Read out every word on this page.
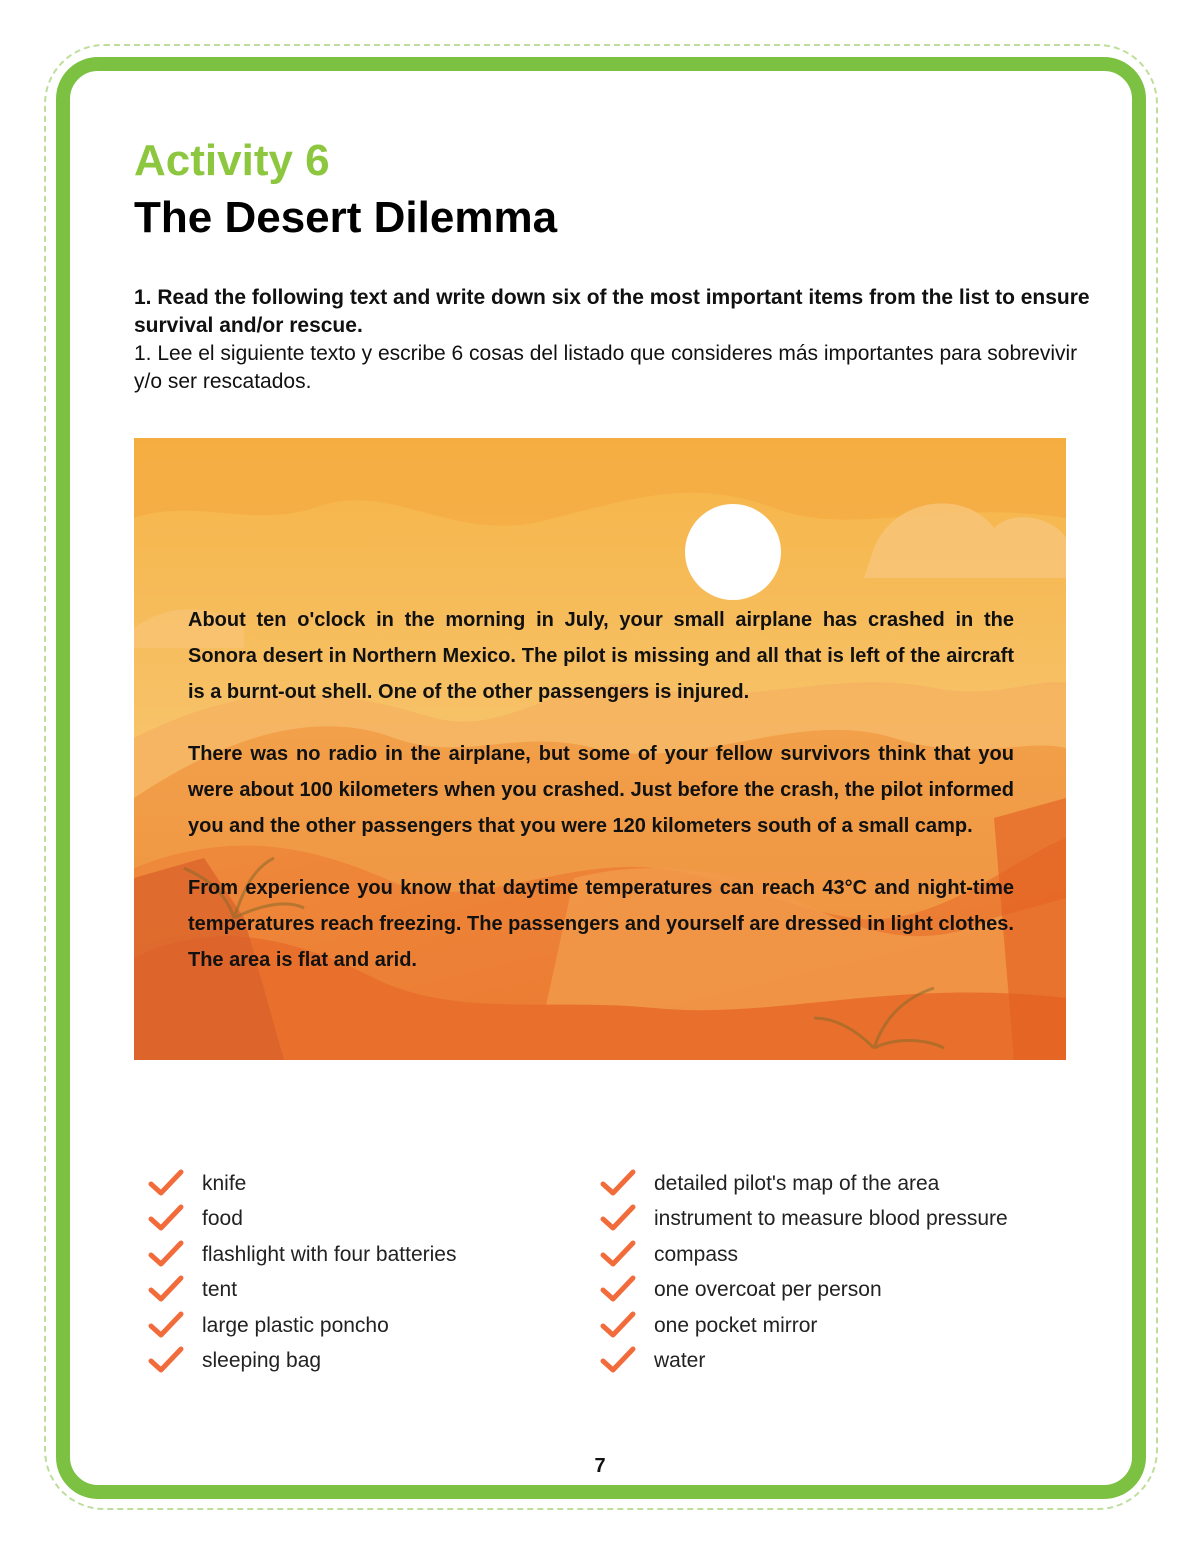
Activity 6
The Desert Dilemma

1. Read the following text and write down six of the most important items from the list to ensure survival and/or rescue.

1. Lee el siguiente texto y escribe 6 cosas del listado que consideres más importantes para sobrevivir y/o ser rescatados.

About ten o'clock in the morning in July, your small airplane has crashed in the Sonora desert in Northern Mexico. The pilot is missing and all that is left of the aircraft is a burnt-out shell. One of the other passengers is injured.

There was no radio in the airplane, but some of your fellow survivors think that you were about 100 kilometers when you crashed. Just before the crash, the pilot informed you and the other passengers that you were 120 kilometers south of a small camp.

From experience you know that daytime temperatures can reach 43°C and night-time temperatures reach freezing. The passengers and yourself are dressed in light clothes. The area is flat and arid.

knife
food
flashlight with four batteries
tent
large plastic poncho
sleeping bag
detailed pilot's map of the area
instrument to measure blood pressure
compass
one overcoat per person
one pocket mirror
water
7
